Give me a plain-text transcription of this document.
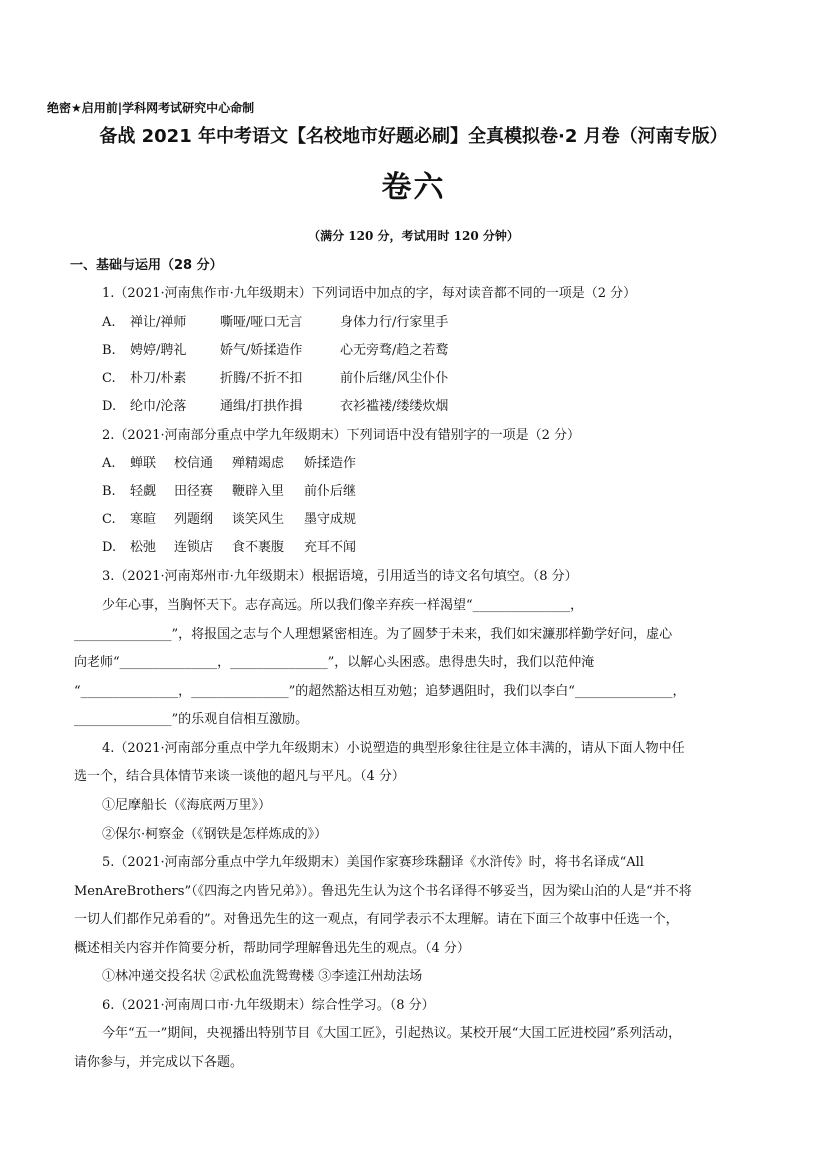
绝密★启用前|学科网考试研究中心命制
备战 2021 年中考语文【名校地市好题必刷】全真模拟卷·2 月卷（河南专版）
卷六
（满分 120 分，考试用时 120 分钟）
一、基础与运用（28 分）
1.（2021·河南焦作市·九年级期末）下列词语中加点的字，每对读音都不同的一项是（2 分）
A. 禅让/禅师	嘶哑/哑口无言	身体力行/行家里手
B. 娉婷/聘礼	娇气/娇揉造作	心无旁骛/趋之若鹜
C. 朴刀/朴素	折腾/不折不扣	前仆后继/风尘仆仆
D. 纶巾/沦落	通缉/打拱作揖	衣衫褴褛/缕缕炊烟
2.（2021·河南部分重点中学九年级期末）下列词语中没有错别字的一项是（2 分）
A. 蝉联 校信通 殚精竭虑 娇揉造作
B. 轻觑 田径赛 鞭辟入里 前仆后继
C. 寒暄 列题纲 谈笑风生 墨守成规
D. 松弛 连锁店 食不裹腹 充耳不闻
3.（2021·河南郑州市·九年级期末）根据语境，引用适当的诗文名句填空。（8 分）
少年心事，当胸怀天下。志存高远。所以我们像辛弃疾一样渴望“_______________，
_______________”，将报国之志与个人理想紧密相连。为了圆梦于未来，我们如宋濂那样勤学好问，虚心
向老师“_______________，_______________”，以解心头困惑。患得患失时，我们以范仲淹
“_______________，_______________”的超然豁达相互劝勉；追梦遇阻时，我们以李白“_______________，
_______________”的乐观自信相互激励。
4.（2021·河南部分重点中学九年级期末）小说塑造的典型形象往往是立体丰满的，请从下面人物中任
选一个，结合具体情节来谈一谈他的超凡与平凡。（4 分）
①尼摩船长（《海底两万里》）
②保尔·柯察金（《钢铁是怎样炼成的》）
5.（2021·河南部分重点中学九年级期末）美国作家赛珍珠翻译《水浒传》时，将书名译成“All
MenAreBrothers”（《四海之内皆兄弟》）。鲁迅先生认为这个书名译得不够妥当，因为梁山泊的人是“并不将
一切人们都作兄弟看的”。对鲁迅先生的这一观点，有同学表示不太理解。请在下面三个故事中任选一个，
概述相关内容并作简要分析，帮助同学理解鲁迅先生的观点。（4 分）
①林冲递交投名状 ②武松血洗鸳鸯楼 ③李逵江州劫法场
6.（2021·河南周口市·九年级期末）综合性学习。（8 分）
今年“五一”期间，央视播出特别节目《大国工匠》，引起热议。某校开展“大国工匠进校园”系列活动，
请你参与，并完成以下各题。
